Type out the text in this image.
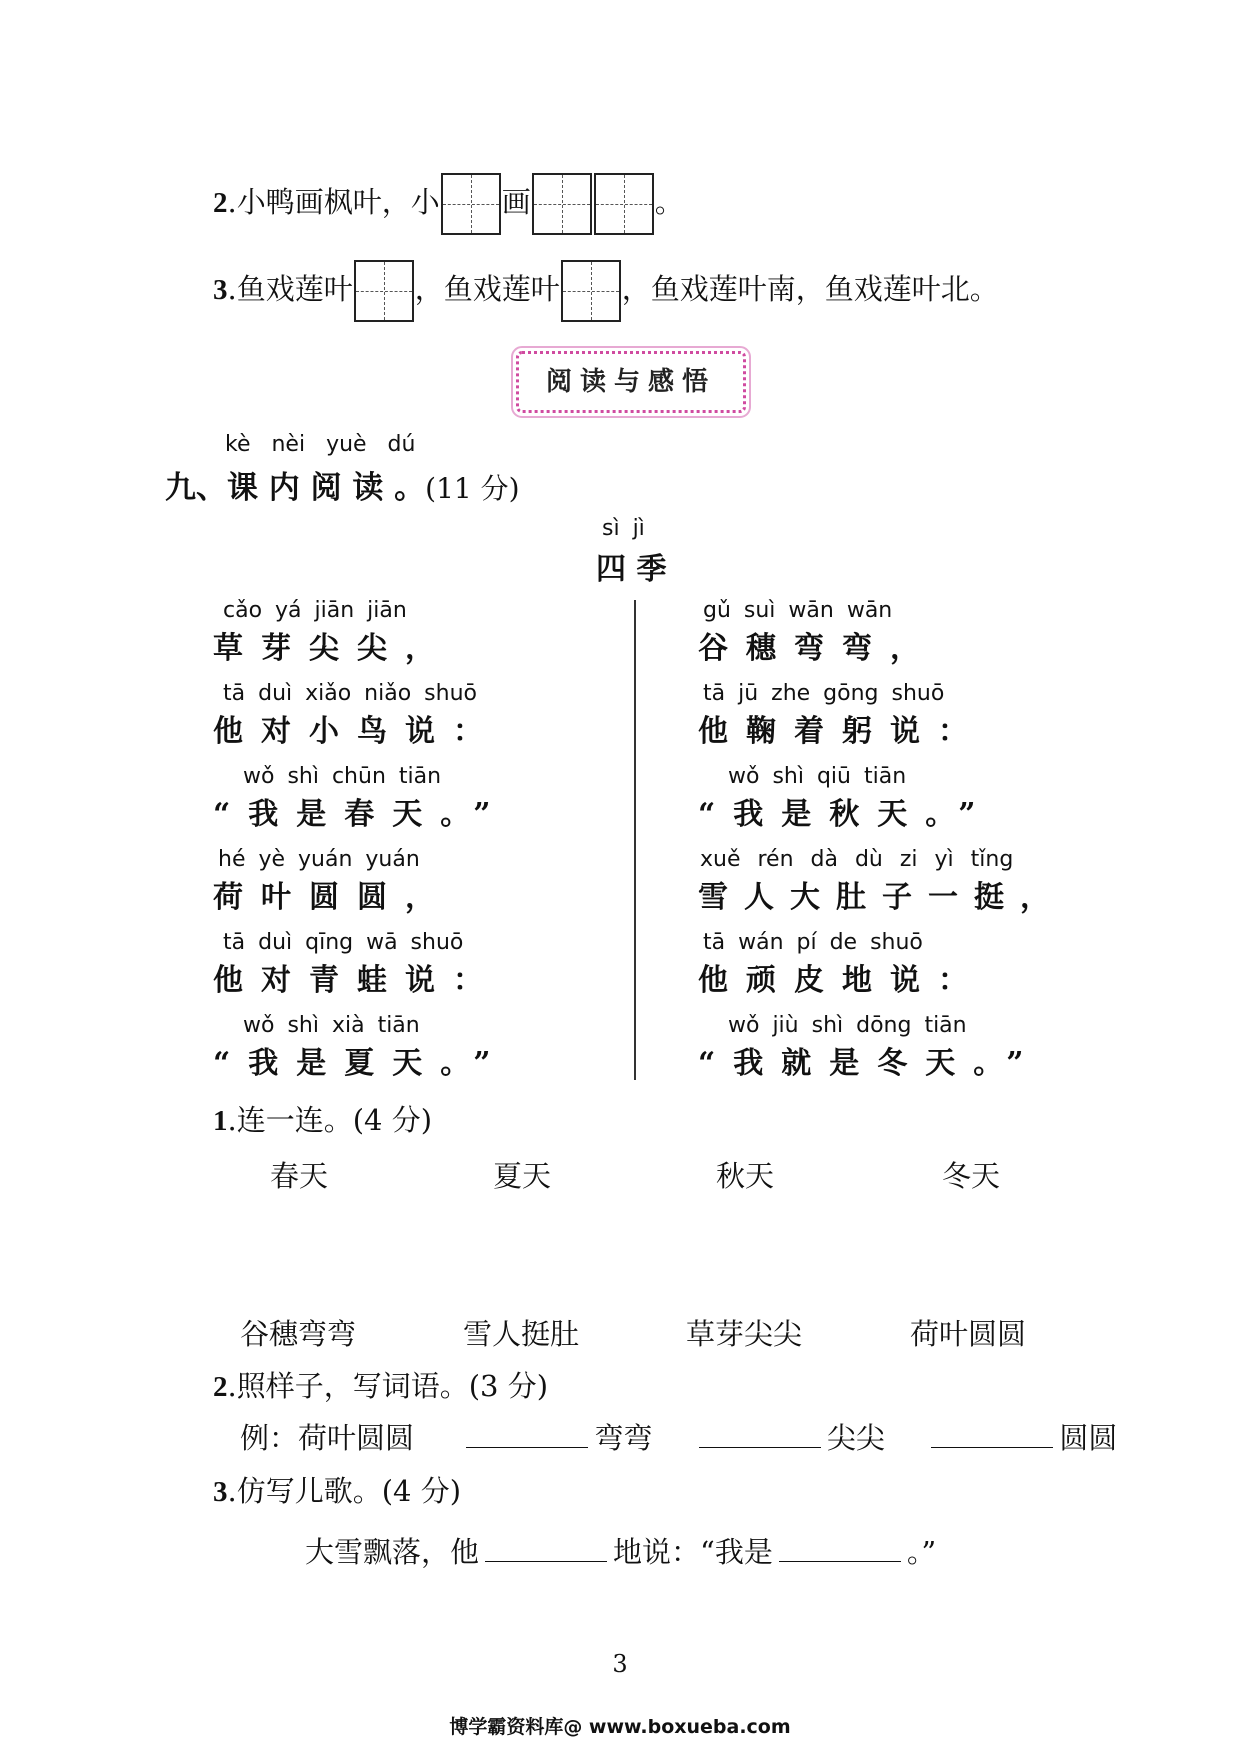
2.小鸭画枫叶，小 画	。
3.鱼戏莲叶 ，鱼戏莲叶 ，鱼戏莲叶南，鱼戏莲叶北。
阅读与感悟
kè nèi yuè dú
九、课 内 阅 读 。(11 分)
sì jì
四 季
cǎo yá jiān jiān
草芽尖尖，
tā duì xiǎo niǎo shuō
他对小鸟说：
wǒ shì chūn tiān
“我是春天。”
hé yè yuán yuán
荷叶圆圆，
tā duì qīng wā shuō
他对青蛙说：
wǒ shì xià tiān
“我是夏天。”
gǔ suì wān wān
谷穗弯弯，
tā jū zhe gōng shuō
他鞠着躬说：
wǒ shì qiū tiān
“我是秋天。”
xuě rén dà dù zi yì tǐng
雪人大肚子一挺，
tā wán pí de shuō
他顽皮地说：
wǒ jiù shì dōng tiān
“我就是冬天。”
1.连一连。(4 分)
春天	夏天	秋天	冬天
谷穗弯弯	雪人挺肚	草芽尖尖	荷叶圆圆
2.照样子，写词语。(3 分)
例：荷叶圆圆	弯弯	尖尖	圆圆
3.仿写儿歌。(4 分)
大雪飘落，他	地说：“我是	。”
3
博学霸资料库@ www.boxueba.com
